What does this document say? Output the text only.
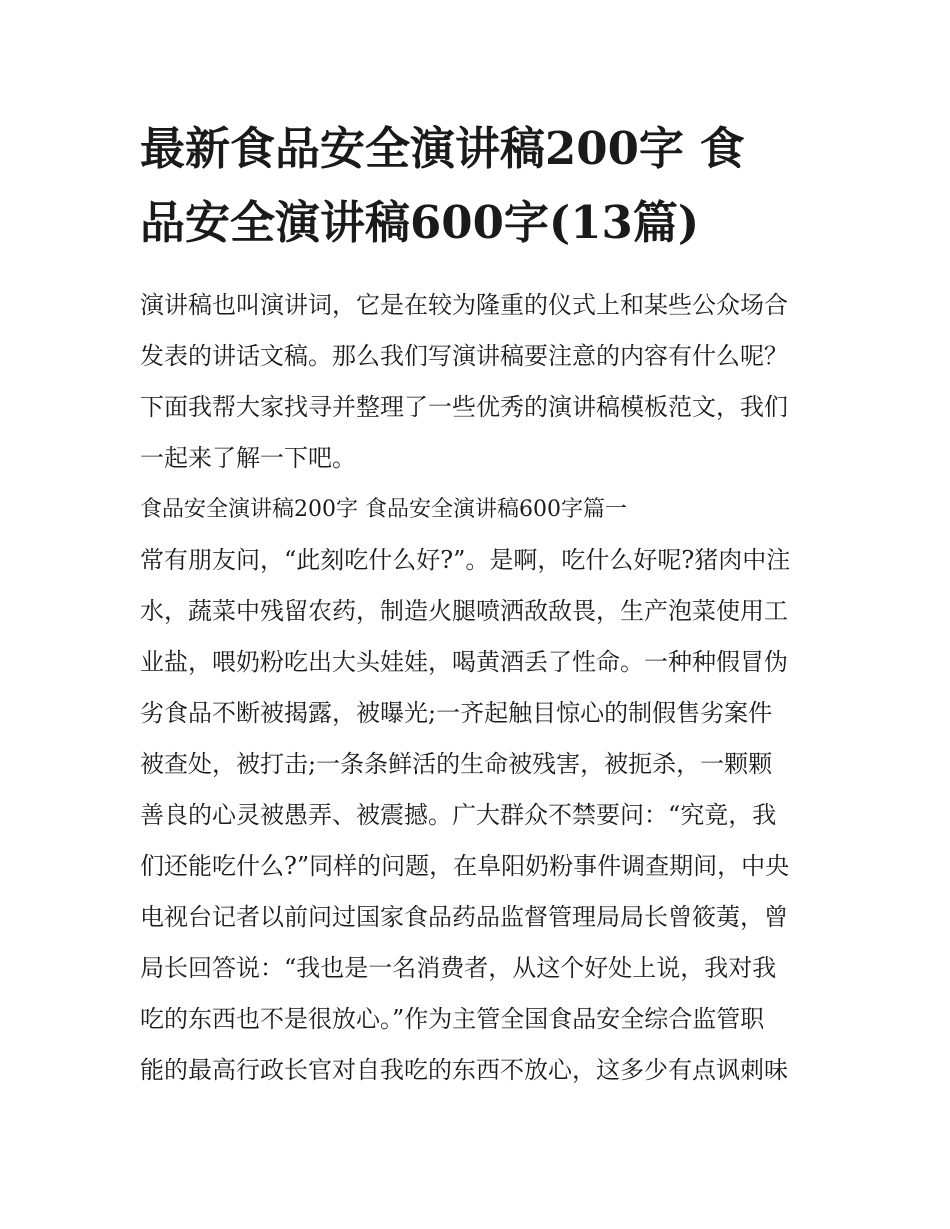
最新食品安全演讲稿200字 食
品安全演讲稿600字(13篇)
演讲稿也叫演讲词，它是在较为隆重的仪式上和某些公众场合
发表的讲话文稿。那么我们写演讲稿要注意的内容有什么呢？
下面我帮大家找寻并整理了一些优秀的演讲稿模板范文，我们
一起来了解一下吧。
食品安全演讲稿200字 食品安全演讲稿600字篇一
常有朋友问，“此刻吃什么好?”。是啊，吃什么好呢?猪肉中注
水，蔬菜中残留农药，制造火腿喷洒敌敌畏，生产泡菜使用工
业盐，喂奶粉吃出大头娃娃，喝黄酒丢了性命。一种种假冒伪
劣食品不断被揭露，被曝光;一齐起触目惊心的制假售劣案件
被查处，被打击;一条条鲜活的生命被残害，被扼杀，一颗颗
善良的心灵被愚弄、被震撼。广大群众不禁要问：“究竟，我
们还能吃什么?”同样的问题，在阜阳奶粉事件调查期间，中央
电视台记者以前问过国家食品药品监督管理局局长曾筱荑，曾
局长回答说：“我也是一名消费者，从这个好处上说，我对我
吃的东西也不是很放心。”作为主管全国食品安全综合监管职
能的最高行政长官对自我吃的东西不放心，这多少有点讽刺味
